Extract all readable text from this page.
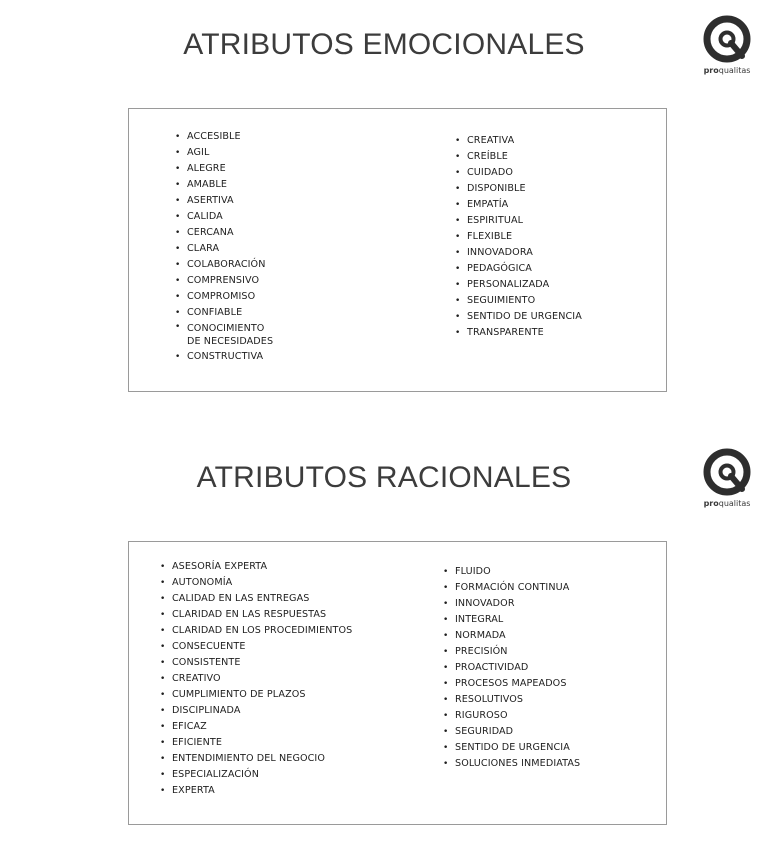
ATRIBUTOS EMOCIONALES
proqualitas
• ACCESIBLE
• AGIL
• ALEGRE
• AMABLE
• ASERTIVA
• CALIDA
• CERCANA
• CLARA
• COLABORACIÓN
• COMPRENSIVO
• COMPROMISO
• CONFIABLE
• CONOCIMIENTO
DE NECESIDADES
• CONSTRUCTIVA
• CREATIVA
• CREÍBLE
• CUIDADO
• DISPONIBLE
• EMPATÍA
• ESPIRITUAL
• FLEXIBLE
• INNOVADORA
• PEDAGÓGICA
• PERSONALIZADA
• SEGUIMIENTO
• SENTIDO DE URGENCIA
• TRANSPARENTE
ATRIBUTOS RACIONALES
proqualitas
• ASESORÍA EXPERTA
• AUTONOMÍA
• CALIDAD EN LAS ENTREGAS
• CLARIDAD EN LAS RESPUESTAS
• CLARIDAD EN LOS PROCEDIMIENTOS
• CONSECUENTE
• CONSISTENTE
• CREATIVO
• CUMPLIMIENTO DE PLAZOS
• DISCIPLINADA
• EFICAZ
• EFICIENTE
• ENTENDIMIENTO DEL NEGOCIO
• ESPECIALIZACIÓN
• EXPERTA
• FLUIDO
• FORMACIÓN CONTINUA
• INNOVADOR
• INTEGRAL
• NORMADA
• PRECISIÓN
• PROACTIVIDAD
• PROCESOS MAPEADOS
• RESOLUTIVOS
• RIGUROSO
• SEGURIDAD
• SENTIDO DE URGENCIA
• SOLUCIONES INMEDIATAS
